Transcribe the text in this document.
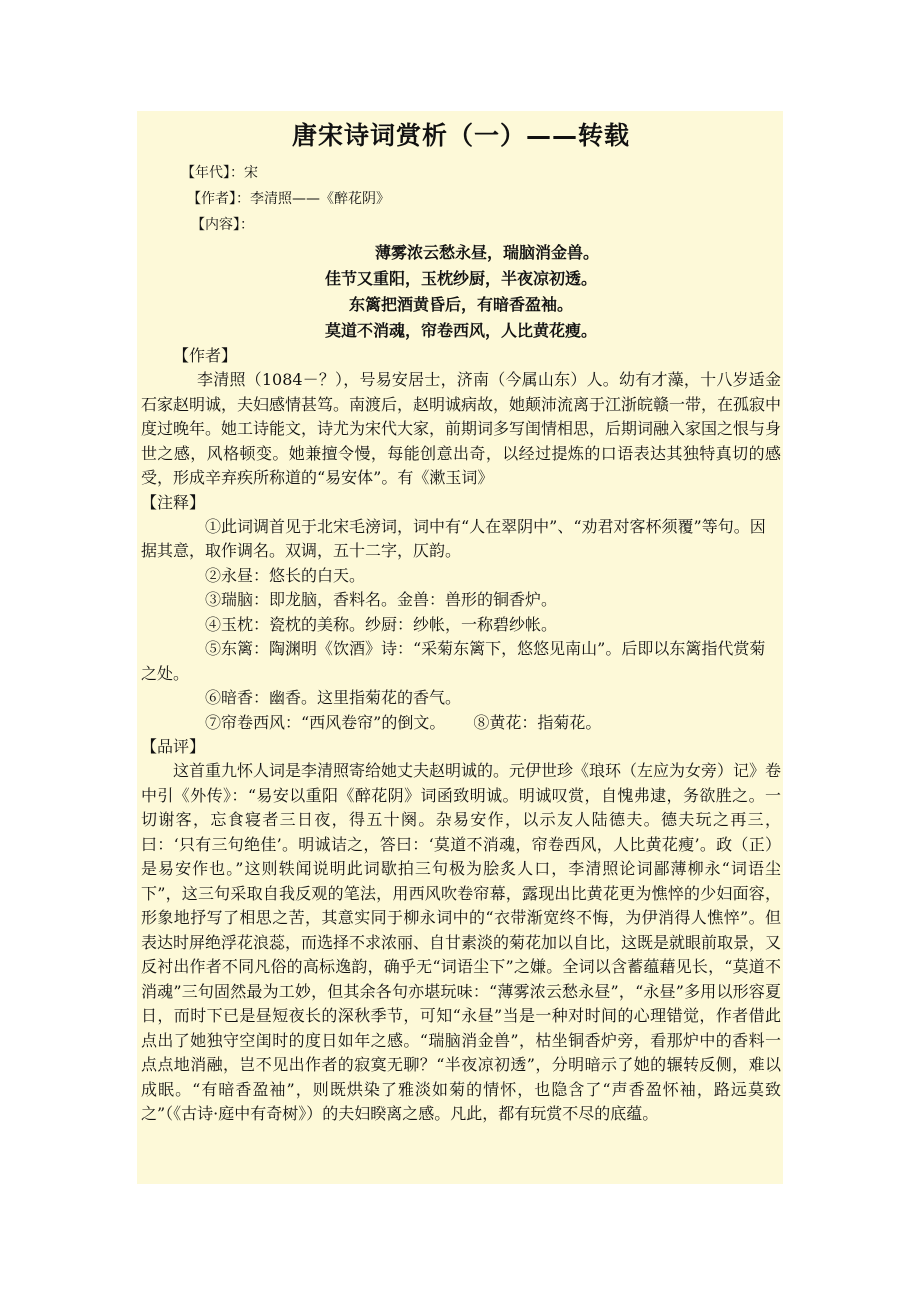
唐宋诗词赏析（一）——转载
【年代】：宋
【作者】：李清照——《醉花阴》
【内容】：
薄雾浓云愁永昼，瑞脑消金兽。
佳节又重阳，玉枕纱厨，半夜凉初透。
东篱把酒黄昏后，有暗香盈袖。
莫道不消魂，帘卷西风，人比黄花瘦。
【作者】

李清照（1084－？），号易安居士，济南（今属山东）人。幼有才藻，十八岁适金石家赵明诚，夫妇感情甚笃。南渡后，赵明诚病故，她颠沛流离于江浙皖赣一带，在孤寂中度过晚年。她工诗能文，诗尤为宋代大家，前期词多写闺情相思，后期词融入家国之恨与身世之感，风格顿变。她兼擅令慢，每能创意出奇，以经过提炼的口语表达其独特真切的感受，形成辛弃疾所称道的“易安体”。有《漱玉词》

【注释】

①此词调首见于北宋毛滂词，词中有“人在翠阴中”、“劝君对客杯须覆”等句。因据其意，取作调名。双调，五十二字，仄韵。

②永昼：悠长的白天。

③瑞脑：即龙脑，香料名。金兽：兽形的铜香炉。

④玉枕：瓷枕的美称。纱厨：纱帐，一称碧纱帐。

⑤东篱：陶渊明《饮酒》诗：“采菊东篱下，悠悠见南山”。后即以东篱指代赏菊之处。

⑥暗香：幽香。这里指菊花的香气。

⑦帘卷西风：“西风卷帘”的倒文。 ⑧黄花：指菊花。

【品评】

这首重九怀人词是李清照寄给她丈夫赵明诚的。元伊世珍《琅环（左应为女旁）记》卷中引《外传》：“易安以重阳《醉花阴》词函致明诚。明诚叹赏，自愧弗逮，务欲胜之。一切谢客，忘食寝者三日夜，得五十阕。杂易安作，以示友人陆德夫。德夫玩之再三，曰：‘只有三句绝佳’。明诚诘之，答曰：‘莫道不消魂，帘卷西风，人比黄花瘦’。政（正）是易安作也。”这则轶闻说明此词歇拍三句极为脍炙人口，李清照论词鄙薄柳永“词语尘下”，这三句采取自我反观的笔法，用西风吹卷帘幕，露现出比黄花更为憔悴的少妇面容，形象地抒写了相思之苦，其意实同于柳永词中的“衣带渐宽终不悔，为伊消得人憔悴”。但表达时屏绝浮花浪蕊，而选择不求浓丽、自甘素淡的菊花加以自比，这既是就眼前取景，又反衬出作者不同凡俗的高标逸韵，确乎无“词语尘下”之嫌。全词以含蓄蕴藉见长，“莫道不消魂”三句固然最为工妙，但其余各句亦堪玩味：“薄雾浓云愁永昼”，“永昼”多用以形容夏日，而时下已是昼短夜长的深秋季节，可知“永昼”当是一种对时间的心理错觉，作者借此点出了她独守空闺时的度日如年之感。“瑞脑消金兽”，枯坐铜香炉旁，看那炉中的香料一点点地消融，岂不见出作者的寂寞无聊？“半夜凉初透”，分明暗示了她的辗转反侧，难以成眠。“有暗香盈袖”，则既烘染了雅淡如菊的情怀，也隐含了“声香盈怀袖，路远莫致之”（《古诗·庭中有奇树》）的夫妇睽离之感。凡此，都有玩赏不尽的底蕴。
